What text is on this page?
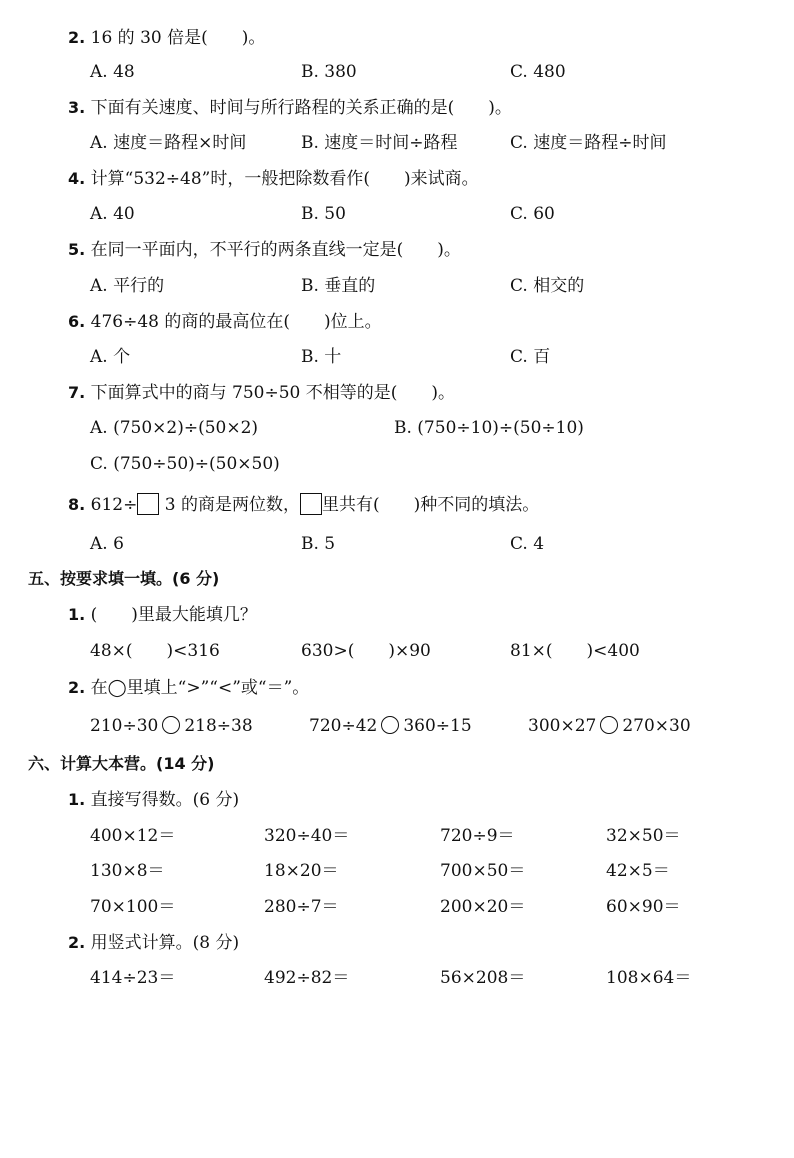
2. 16 的 30 倍是(　　)。
A. 48	B. 380	C. 480
3. 下面有关速度、时间与所行路程的关系正确的是(　　)。
A. 速度＝路程×时间	B. 速度＝时间÷路程	C. 速度＝路程÷时间
4. 计算“532÷48”时，一般把除数看作(　　)来试商。
A. 40	B. 50	C. 60
5. 在同一平面内，不平行的两条直线一定是(　　)。
A. 平行的	B. 垂直的	C. 相交的
6. 476÷48 的商的最高位在(　　)位上。
A. 个	B. 十	C. 百
7. 下面算式中的商与 750÷50 不相等的是(　　)。
A. (750×2)÷(50×2)	B. (750÷10)÷(50÷10)
C. (750÷50)÷(50×50)
8. 612÷ 3 的商是两位数， 里共有(　　)种不同的填法。
A. 6	B. 5	C. 4
五、按要求填一填。(6 分)
1. (　　)里最大能填几？
48×(　　)<316	630>(　　)×90	81×(　　)<400
2. 在◯里填上“>”“<”或“＝”。
210÷30 218÷38	720÷42 360÷15	300×27 270×30
六、计算大本营。(14 分)
1. 直接写得数。(6 分)
400×12＝	320÷40＝	720÷9＝	32×50＝
130×8＝	18×20＝	700×50＝	42×5＝
70×100＝	280÷7＝	200×20＝	60×90＝
2. 用竖式计算。(8 分)
414÷23＝	492÷82＝	56×208＝	108×64＝
